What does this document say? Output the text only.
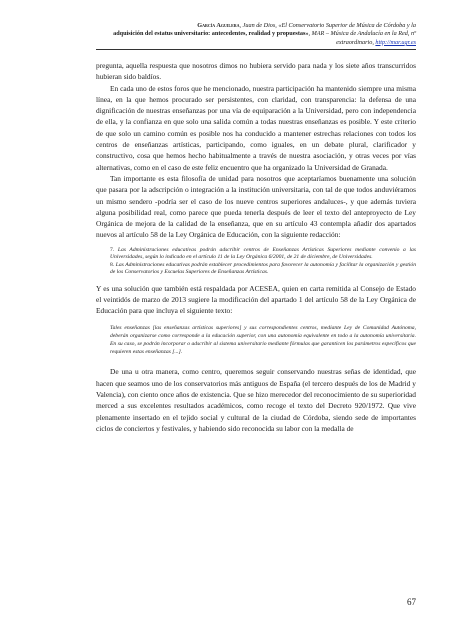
García Aguilera, Juan de Dios, «El Conservatorio Superior de Música de Córdoba y la
adquisición del estatus universitario: antecedentes, realidad y propuestas», MAR – Música de Andalucía en la Red, nº extraordinario, http://mar.ugr.es

pregunta, aquella respuesta que nosotros dimos no hubiera servido para nada y los siete años transcurridos hubieran sido baldíos.

En cada uno de estos foros que he mencionado, nuestra participación ha mantenido siempre una misma línea, en la que hemos procurado ser persistentes, con claridad, con transparencia: la defensa de una dignificación de nuestras enseñanzas por una vía de equiparación a la Universidad, pero con independencia de ella, y la confianza en que solo una salida común a todas nuestras enseñanzas es posible. Y este criterio de que solo un camino común es posible nos ha conducido a mantener estrechas relaciones con todos los centros de enseñanzas artísticas, participando, como iguales, en un debate plural, clarificador y constructivo, cosa que hemos hecho habitualmente a través de nuestra asociación, y otras veces por vías alternativas, como en el caso de este feliz encuentro que ha organizado la Universidad de Granada.

Tan importante es esta filosofía de unidad para nosotros que aceptaríamos buenamente una solución que pasara por la adscripción o integración a la institución universitaria, con tal de que todos anduviéramos un mismo sendero -podría ser el caso de los nueve centros superiores andaluces-, y que además tuviera alguna posibilidad real, como parece que pueda tenerla después de leer el texto del anteproyecto de Ley Orgánica de mejora de la calidad de la enseñanza, que en su artículo 43 contempla añadir dos apartados nuevos al artículo 58 de la Ley Orgánica de Educación, con la siguiente redacción:

7. Las Administraciones educativas podrán adscribir centros de Enseñanzas Artísticas Superiores mediante convenio a las Universidades, según lo indicado en el artículo 11 de la Ley Orgánica 6/2001, de 21 de diciembre, de Universidades.

8. Las Administraciones educativas podrán establecer procedimientos para favorecer la autonomía y facilitar la organización y gestión de los Conservatorios y Escuelas Superiores de Enseñanzas Artísticas.

Y es una solución que también está respaldada por ACESEA, quien en carta remitida al Consejo de Estado el veintidós de marzo de 2013 sugiere la modificación del apartado 1 del artículo 58 de la Ley Orgánica de Educación para que incluya el siguiente texto:

Tales enseñanzas [las enseñanzas artísticas superiores] y sus correspondientes centros, mediante Ley de Comunidad Autónoma, deberán organizarse como corresponde a la educación superior, con una autonomía equivalente en todo a la autonomía universitaria. En su caso, se podrán incorporar o adscribir al sistema universitario mediante fórmulas que garanticen los parámetros específicos que requieren estas enseñanzas [...].

De una u otra manera, como centro, queremos seguir conservando nuestras señas de identidad, que hacen que seamos uno de los conservatorios más antiguos de España (el tercero después de los de Madrid y Valencia), con ciento once años de existencia. Que se hizo merecedor del reconocimiento de su superioridad merced a sus excelentes resultados académicos, como recoge el texto del Decreto 920/1972. Que vive plenamente insertado en el tejido social y cultural de la ciudad de Córdoba, siendo sede de importantes ciclos de conciertos y festivales, y habiendo sido reconocida su labor con la medalla de

67
